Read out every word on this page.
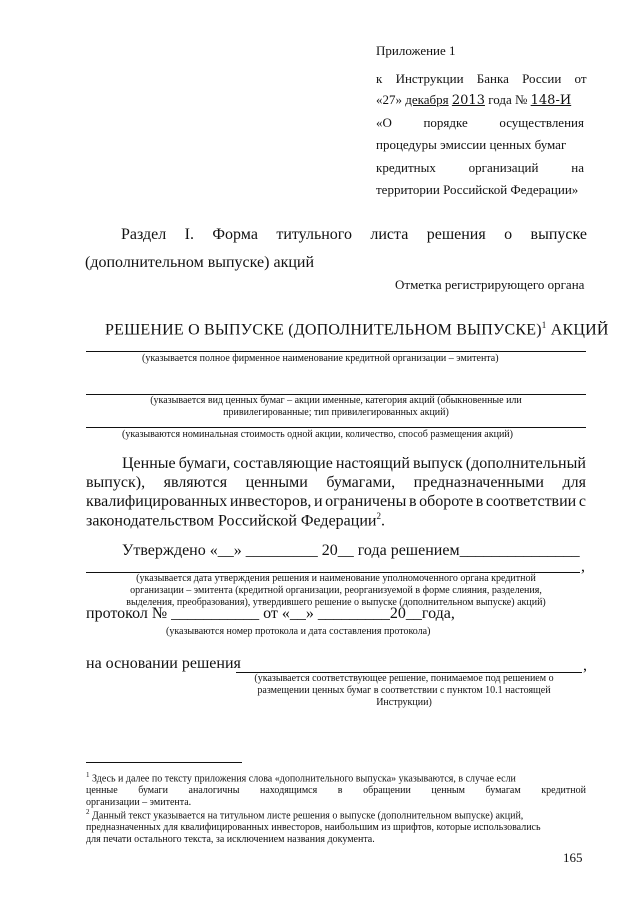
Приложение 1
к Инструкции Банка России от
«27» декабря 2013 года № 148-И
«О порядке осуществления
процедуры эмиссии ценных бумаг
кредитных	организаций	на
территории Российской Федерации»
Раздел I. Форма титульного листа решения о выпуске
(дополнительном выпуске) акций
Отметка регистрирующего органа
РЕШЕНИЕ О ВЫПУСКЕ (ДОПОЛНИТЕЛЬНОМ ВЫПУСКЕ)$^1$ АКЦИЙ
(указывается полное фирменное наименование кредитной организации – эмитента)
(указывается вид ценных бумаг – акции именные, категория акций (обыкновенные или
привилегированные; тип привилегированных акций)
(указываются номинальная стоимость одной акции, количество, способ размещения акций)
Ценные бумаги, составляющие настоящий выпуск (дополнительный
выпуск), являются ценными бумагами, предназначенными для
квалифицированных инвесторов, и ограничены в обороте в соответствии с
законодательством Российской Федерации$^2$.
Утверждено «__» _________ 20__ года решением_______________
,
(указывается дата утверждения решения и наименование уполномоченного органа кредитной
организации – эмитента (кредитной организации, реорганизуемой в форме слияния, разделения,
выделения, преобразования), утвердившего решение о выпуске (дополнительном выпуске) акций)
протокол № ___________ от «__» _________20__года,
(указываются номер протокола и дата составления протокола)
на основании решения	,
(указывается соответствующее решение, понимаемое под решением о
размещении ценных бумаг в соответствии с пунктом 10.1 настоящей
Инструкции)
$^1$ Здесь и далее по тексту приложения слова «дополнительного выпуска» указываются, в случае если
ценные бумаги аналогичны находящимся в обращении ценным бумагам кредитной
организации – эмитента.
$^2$ Данный текст указывается на титульном листе решения о выпуске (дополнительном выпуске) акций,
предназначенных для квалифицированных инвесторов, наибольшим из шрифтов, которые использовались
для печати остального текста, за исключением названия документа.
165
